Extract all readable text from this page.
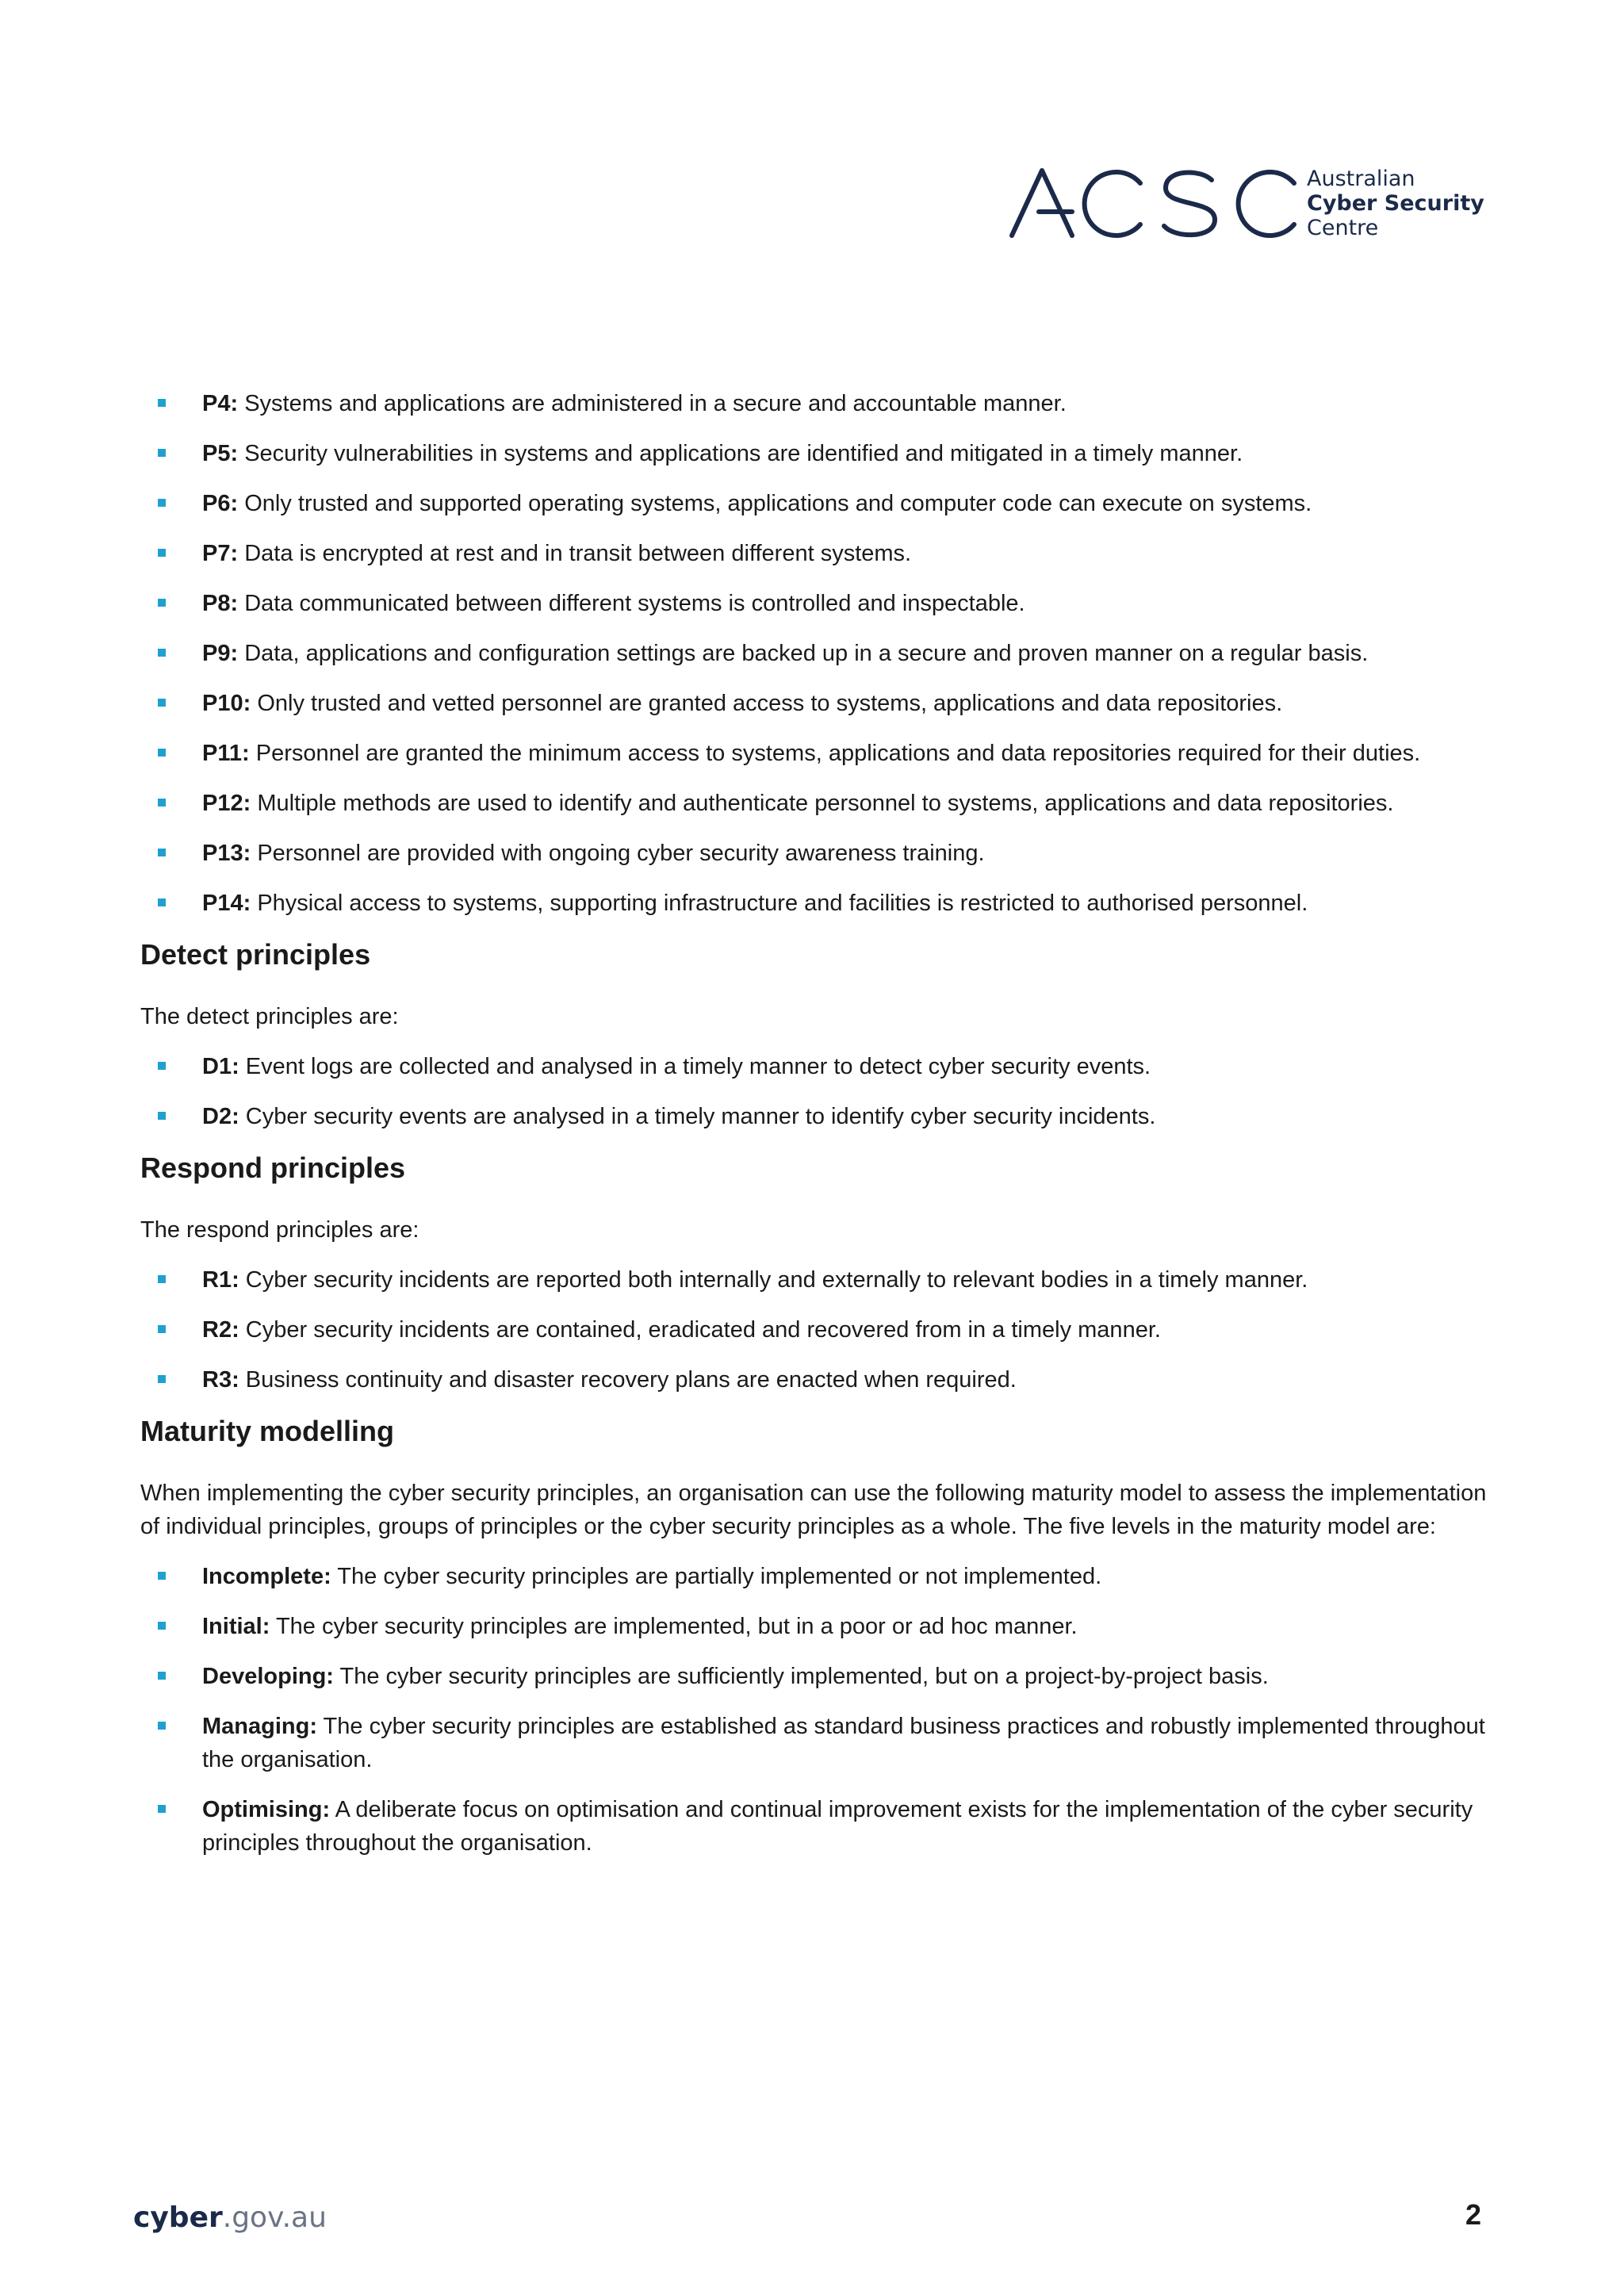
Australian
Cyber Security
Centre
P4: Systems and applications are administered in a secure and accountable manner.
P5: Security vulnerabilities in systems and applications are identified and mitigated in a timely manner.
P6: Only trusted and supported operating systems, applications and computer code can execute on systems.
P7: Data is encrypted at rest and in transit between different systems.
P8: Data communicated between different systems is controlled and inspectable.
P9: Data, applications and configuration settings are backed up in a secure and proven manner on a regular basis.
P10: Only trusted and vetted personnel are granted access to systems, applications and data repositories.
P11: Personnel are granted the minimum access to systems, applications and data repositories required for their duties.
P12: Multiple methods are used to identify and authenticate personnel to systems, applications and data repositories.
P13: Personnel are provided with ongoing cyber security awareness training.
P14: Physical access to systems, supporting infrastructure and facilities is restricted to authorised personnel.
Detect principles

The detect principles are:

D1: Event logs are collected and analysed in a timely manner to detect cyber security events.
D2: Cyber security events are analysed in a timely manner to identify cyber security incidents.
Respond principles

The respond principles are:

R1: Cyber security incidents are reported both internally and externally to relevant bodies in a timely manner.
R2: Cyber security incidents are contained, eradicated and recovered from in a timely manner.
R3: Business continuity and disaster recovery plans are enacted when required.
Maturity modelling

When implementing the cyber security principles, an organisation can use the following maturity model to assess the implementation of individual principles, groups of principles or the cyber security principles as a whole. The five levels in the maturity model are:

Incomplete: The cyber security principles are partially implemented or not implemented.
Initial: The cyber security principles are implemented, but in a poor or ad hoc manner.
Developing: The cyber security principles are sufficiently implemented, but on a project-by-project basis.
Managing: The cyber security principles are established as standard business practices and robustly implemented throughout the organisation.
Optimising: A deliberate focus on optimisation and continual improvement exists for the implementation of the cyber security principles throughout the organisation.
cyber.gov.au	2
